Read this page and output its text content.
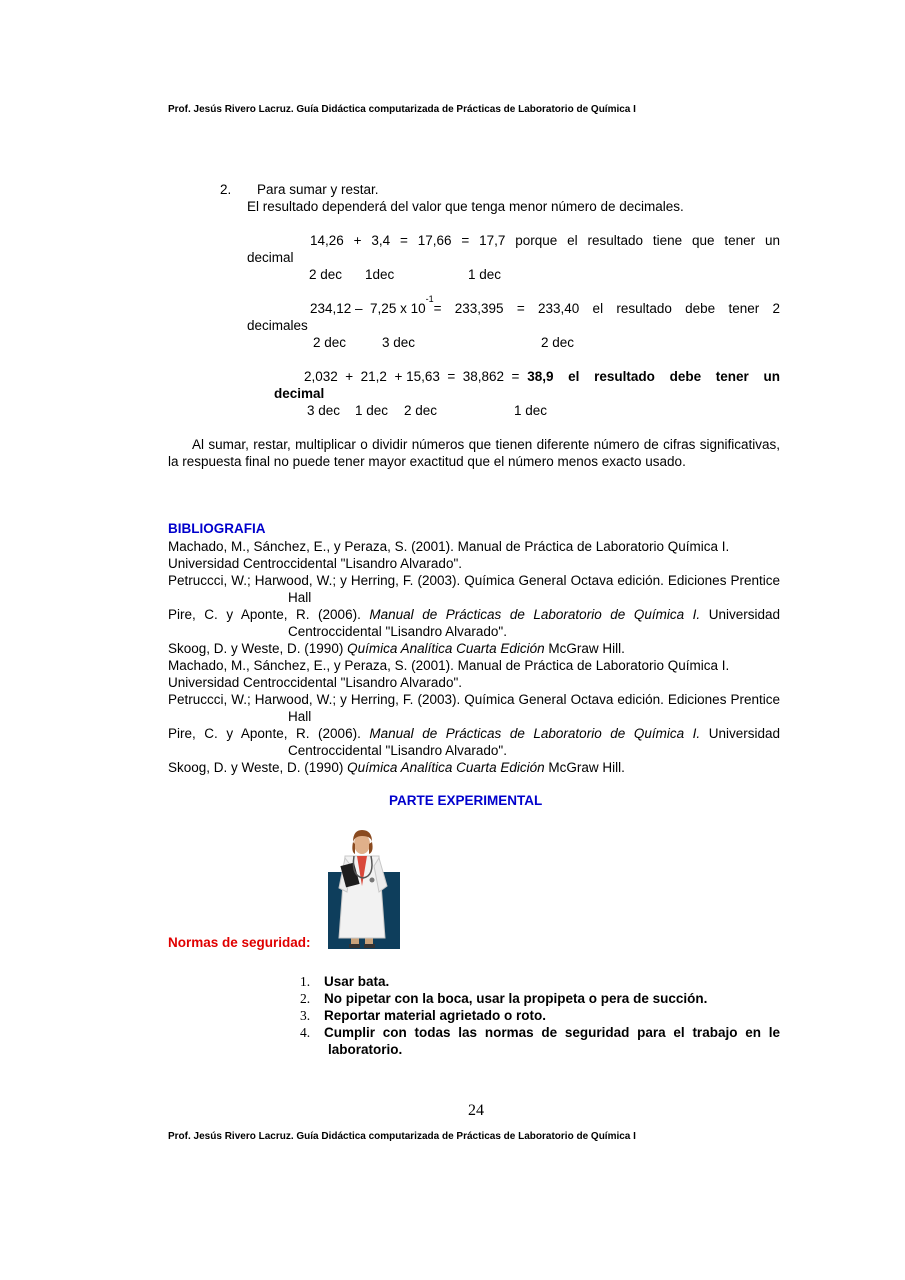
Prof. Jesús Rivero Lacruz. Guía Didáctica computarizada de Prácticas de Laboratorio de Química I
2. Para sumar y restar.
El resultado dependerá del valor que tenga menor número de decimales.
14,26 + 3,4 = 17,66 = 17,7 porque el resultado tiene que tener un
decimal
2 dec 1dec	1 dec
234,12 –  7,25 x 10
$^{-1}$
= 233,395 = 233,40 el resultado debe tener 2
decimales
2 dec	3 dec	2 dec
2,032  +  21,2  + 15,63  =  38,862  = 38,9 el resultado debe tener un
decimal
3 dec 1 dec 2 dec	1 dec
Al sumar, restar, multiplicar o dividir números que tienen diferente número de cifras significativas, la respuesta final no puede tener mayor exactitud que el número menos exacto usado.
BIBLIOGRAFIA
Machado, M., Sánchez, E., y Peraza, S. (2001). Manual de Práctica de Laboratorio Química I. Universidad Centroccidental "Lisandro Alvarado".
Petruccci, W.; Harwood, W.; y Herring, F. (2003). Química General Octava edición. Ediciones Prentice Hall
Pire, C. y Aponte, R. (2006). Manual de Prácticas de Laboratorio de Química I. Universidad Centroccidental "Lisandro Alvarado".
Skoog, D. y Weste, D. (1990) Química Analítica Cuarta Edición McGraw Hill.
Machado, M., Sánchez, E., y Peraza, S. (2001). Manual de Práctica de Laboratorio Química I. Universidad Centroccidental "Lisandro Alvarado".
Petruccci, W.; Harwood, W.; y Herring, F. (2003). Química General Octava edición. Ediciones Prentice Hall
Pire, C. y Aponte, R. (2006). Manual de Prácticas de Laboratorio de Química I. Universidad Centroccidental "Lisandro Alvarado".
Skoog, D. y Weste, D. (1990) Química Analítica Cuarta Edición McGraw Hill.
PARTE EXPERIMENTAL
Normas de seguridad:
1. Usar bata.
2. No pipetar con la boca, usar la propipeta o pera de succión.
3. Reportar material agrietado o roto.
4.	Cumplir con todas las normas de seguridad para el trabajo en le
laboratorio.
24
Prof. Jesús Rivero Lacruz. Guía Didáctica computarizada de Prácticas de Laboratorio de Química I
